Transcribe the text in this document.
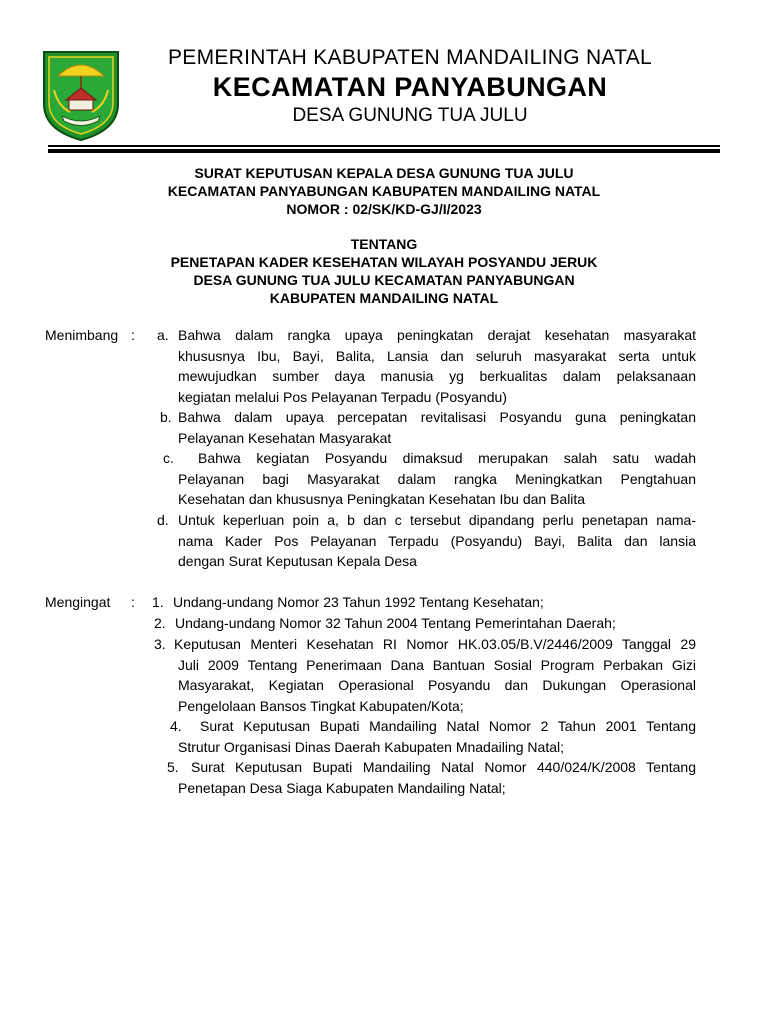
PEMERINTAH KABUPATEN MANDAILING NATAL
KECAMATAN PANYABUNGAN
DESA GUNUNG TUA JULU
SURAT KEPUTUSAN KEPALA DESA GUNUNG TUA JULU
KECAMATAN PANYABUNGAN KABUPATEN MANDAILING NATAL
NOMOR : 02/SK/KD-GJ/I/2023
TENTANG
PENETAPAN KADER KESEHATAN WILAYAH POSYANDU JERUK
DESA GUNUNG TUA JULU KECAMATAN PANYABUNGAN
KABUPATEN MANDAILING NATAL
Menimbang : a. Bahwa dalam rangka upaya peningkatan derajat kesehatan masyarakat
khususnya Ibu, Bayi, Balita, Lansia dan seluruh masyarakat serta untuk
mewujudkan sumber daya manusia yg berkualitas dalam pelaksanaan
kegiatan melalui Pos Pelayanan Terpadu (Posyandu)
b. Bahwa dalam upaya percepatan revitalisasi Posyandu guna peningkatan
Pelayanan Kesehatan Masyarakat
c.	Bahwa kegiatan Posyandu dimaksud merupakan salah satu wadah
Pelayanan bagi Masyarakat dalam rangka Meningkatkan Pengtahuan
Kesehatan dan khususnya Peningkatan Kesehatan Ibu dan Balita
d. Untuk keperluan poin a, b dan c tersebut dipandang perlu penetapan nama-
nama Kader Pos Pelayanan Terpadu (Posyandu) Bayi, Balita dan lansia
dengan Surat Keputusan Kepala Desa
Mengingat : 1. Undang-undang Nomor 23 Tahun 1992 Tentang Kesehatan;
2. Undang-undang Nomor 32 Tahun 2004 Tentang Pemerintahan Daerah;
3. Keputusan Menteri Kesehatan RI Nomor HK.03.05/B.V/2446/2009 Tanggal 29
Juli 2009 Tentang Penerimaan Dana Bantuan Sosial Program Perbakan Gizi
Masyarakat, Kegiatan Operasional Posyandu dan Dukungan Operasional
Pengelolaan Bansos Tingkat Kabupaten/Kota;
4.	Surat Keputusan Bupati Mandailing Natal Nomor 2 Tahun 2001 Tentang
Strutur Organisasi Dinas Daerah Kabupaten Mnadailing Natal;
5. Surat Keputusan Bupati Mandailing Natal Nomor 440/024/K/2008 Tentang
Penetapan Desa Siaga Kabupaten Mandailing Natal;
